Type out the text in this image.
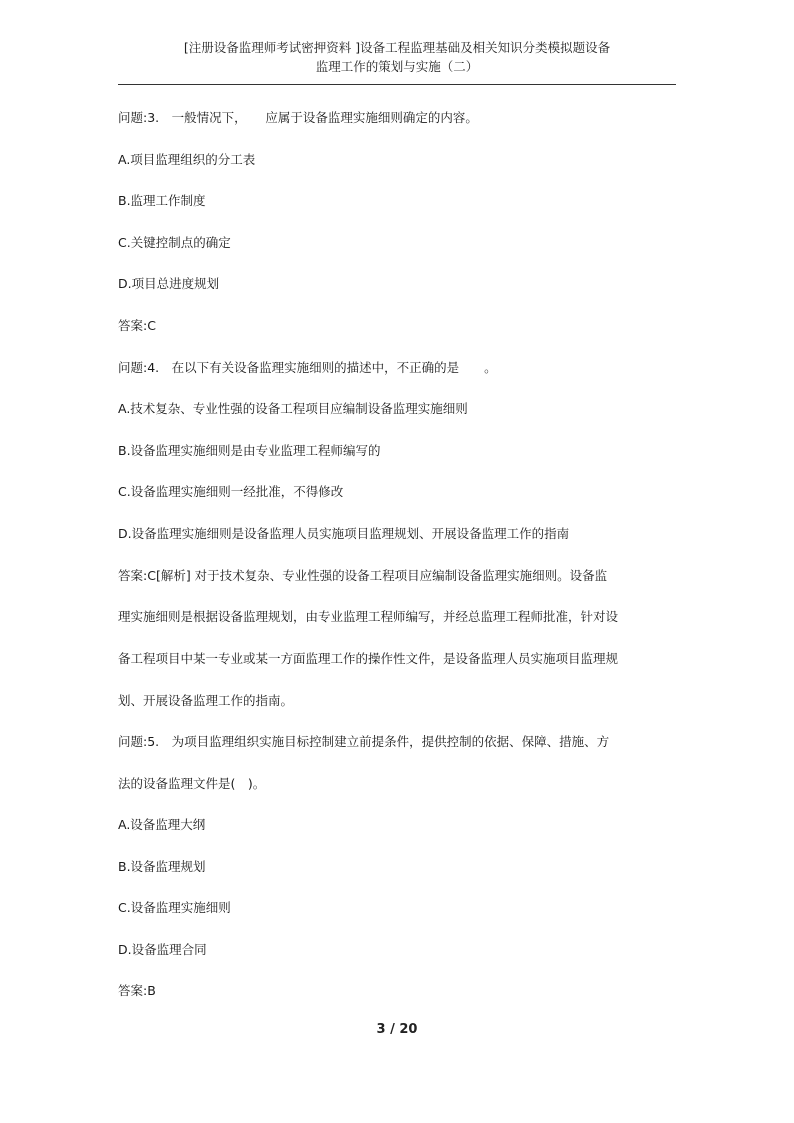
[注册设备监理师考试密押资料 ]设备工程监理基础及相关知识分类模拟题设备
监理工作的策划与实施（二）
问题:3.　一般情况下，　　应属于设备监理实施细则确定的内容。
A.项目监理组织的分工表
B.监理工作制度
C.关键控制点的确定
D.项目总进度规划
答案:C
问题:4.　在以下有关设备监理实施细则的描述中，不正确的是　　。
A.技术复杂、专业性强的设备工程项目应编制设备监理实施细则
B.设备监理实施细则是由专业监理工程师编写的
C.设备监理实施细则一经批准，不得修改
D.设备监理实施细则是设备监理人员实施项目监理规划、开展设备监理工作的指南
答案:C[解析] 对于技术复杂、专业性强的设备工程项目应编制设备监理实施细则。设备监
理实施细则是根据设备监理规划，由专业监理工程师编写，并经总监理工程师批准，针对设
备工程项目中某一专业或某一方面监理工作的操作性文件，是设备监理人员实施项目监理规
划、开展设备监理工作的指南。
问题:5.　为项目监理组织实施目标控制建立前提条件，提供控制的依据、保障、措施、方
法的设备监理文件是(　)。
A.设备监理大纲
B.设备监理规划
C.设备监理实施细则
D.设备监理合同
答案:B
3 / 20
